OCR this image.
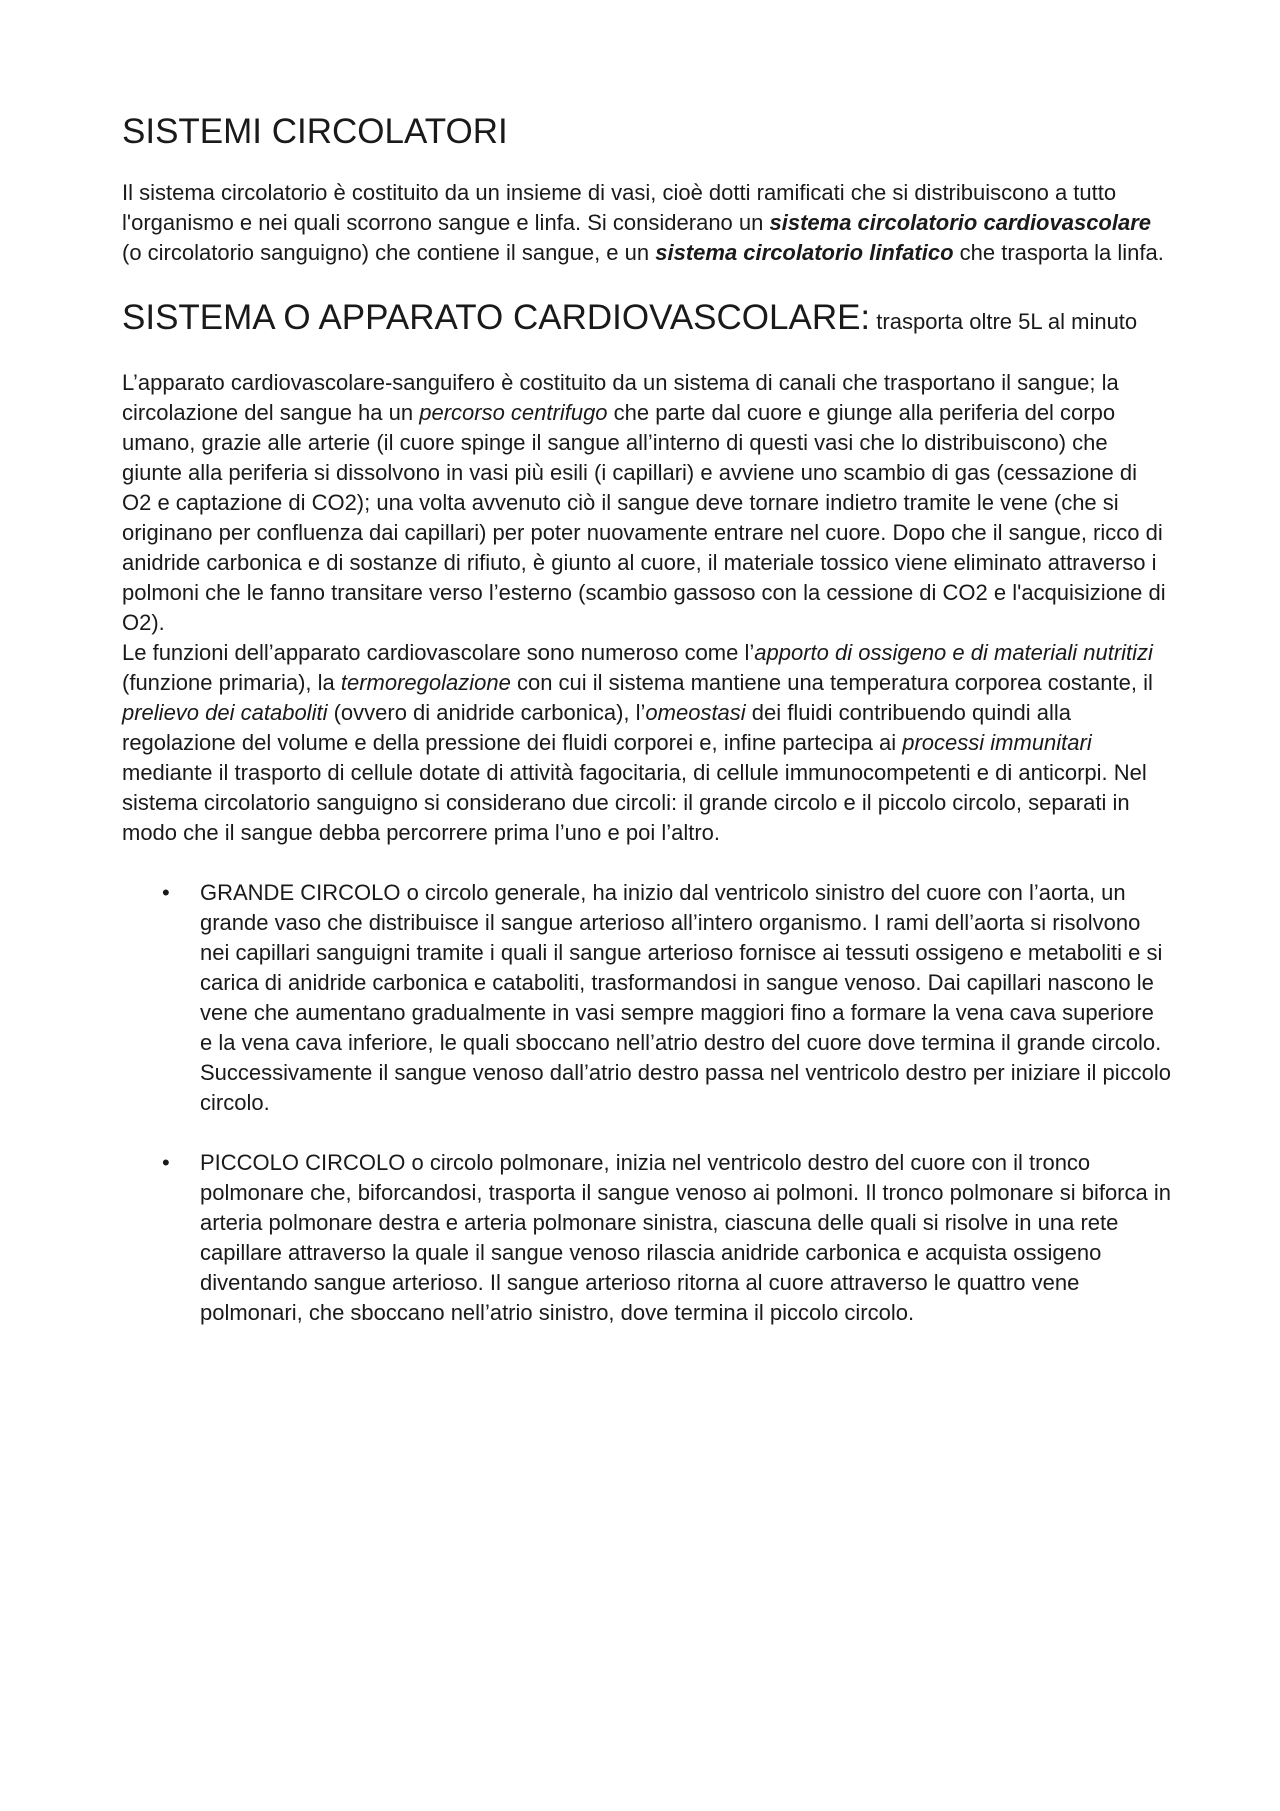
SISTEMI CIRCOLATORI

Il sistema circolatorio è costituito da un insieme di vasi, cioè dotti ramificati che si distribuiscono a tutto l'organismo e nei quali scorrono sangue e linfa. Si considerano un sistema circolatorio cardiovascolare (o circolatorio sanguigno) che contiene il sangue, e un sistema circolatorio linfatico che trasporta la linfa.

SISTEMA O APPARATO CARDIOVASCOLARE: trasporta oltre 5L al minuto

L’apparato cardiovascolare-sanguifero è costituito da un sistema di canali che trasportano il sangue; la circolazione del sangue ha un percorso centrifugo che parte dal cuore e giunge alla periferia del corpo umano, grazie alle arterie (il cuore spinge il sangue all’interno di questi vasi che lo distribuiscono) che giunte alla periferia si dissolvono in vasi più esili (i capillari) e avviene uno scambio di gas (cessazione di O2 e captazione di CO2); una volta avvenuto ciò il sangue deve tornare indietro tramite le vene (che si originano per confluenza dai capillari) per poter nuovamente entrare nel cuore. Dopo che il sangue, ricco di anidride carbonica e di sostanze di rifiuto, è giunto al cuore, il materiale tossico viene eliminato attraverso i polmoni che le fanno transitare verso l’esterno (scambio gassoso con la cessione di CO2 e l'acquisizione di O2).

Le funzioni dell’apparato cardiovascolare sono numeroso come l’apporto di ossigeno e di materiali nutritizi (funzione primaria), la termoregolazione con cui il sistema mantiene una temperatura corporea costante, il prelievo dei cataboliti (ovvero di anidride carbonica), l’omeostasi dei fluidi contribuendo quindi alla regolazione del volume e della pressione dei fluidi corporei e, infine partecipa ai processi immunitari mediante il trasporto di cellule dotate di attività fagocitaria, di cellule immunocompetenti e di anticorpi. Nel sistema circolatorio sanguigno si considerano due circoli: il grande circolo e il piccolo circolo, separati in modo che il sangue debba percorrere prima l’uno e poi l’altro.

• GRANDE CIRCOLO o circolo generale, ha inizio dal ventricolo sinistro del cuore con l’aorta, un grande vaso che distribuisce il sangue arterioso all’intero organismo. I rami dell’aorta si risolvono nei capillari sanguigni tramite i quali il sangue arterioso fornisce ai tessuti ossigeno e metaboliti e si carica di anidride carbonica e cataboliti, trasformandosi in sangue venoso. Dai capillari nascono le vene che aumentano gradualmente in vasi sempre maggiori fino a formare la vena cava superiore e la vena cava inferiore, le quali sboccano nell’atrio destro del cuore dove termina il grande circolo. Successivamente il sangue venoso dall’atrio destro passa nel ventricolo destro per iniziare il piccolo circolo.
• PICCOLO CIRCOLO o circolo polmonare, inizia nel ventricolo destro del cuore con il tronco polmonare che, biforcandosi, trasporta il sangue venoso ai polmoni. Il tronco polmonare si biforca in arteria polmonare destra e arteria polmonare sinistra, ciascuna delle quali si risolve in una rete capillare attraverso la quale il sangue venoso rilascia anidride carbonica e acquista ossigeno diventando sangue arterioso. Il sangue arterioso ritorna al cuore attraverso le quattro vene polmonari, che sboccano nell’atrio sinistro, dove termina il piccolo circolo.
